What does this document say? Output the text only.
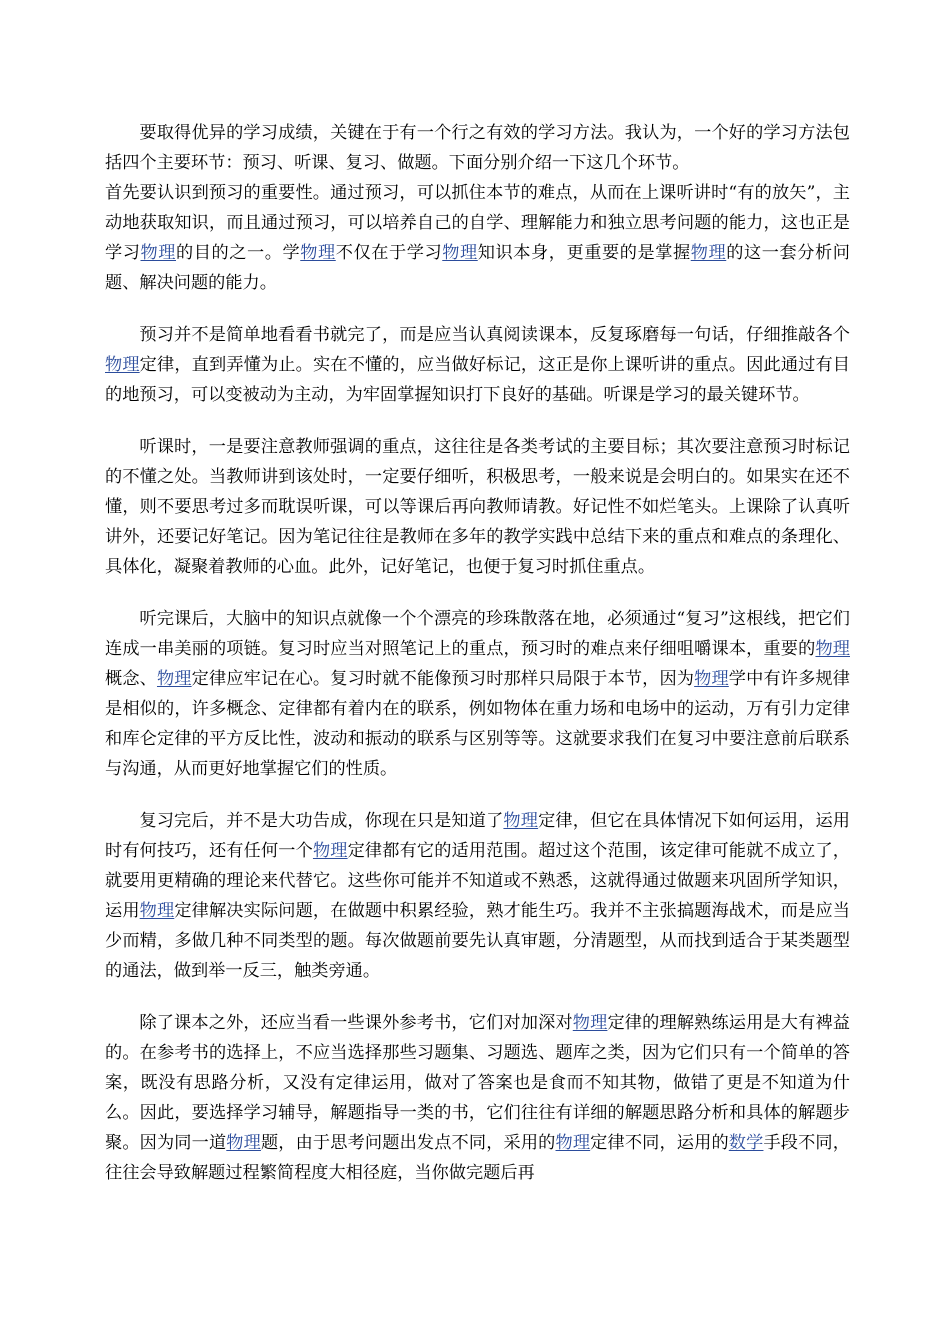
要取得优异的学习成绩，关键在于有一个行之有效的学习方法。我认为，一个好的学习方法包括四个主要环节：预习、听课、复习、做题。下面分别介绍一下这几个环节。

首先要认识到预习的重要性。通过预习，可以抓住本节的难点，从而在上课听讲时“有的放矢”，主动地获取知识，而且通过预习，可以培养自己的自学、理解能力和独立思考问题的能力，这也正是学习物理的目的之一。学物理不仅在于学习物理知识本身，更重要的是掌握物理的这一套分析问题、解决问题的能力。

预习并不是简单地看看书就完了，而是应当认真阅读课本，反复琢磨每一句话，仔细推敲各个物理定律，直到弄懂为止。实在不懂的，应当做好标记，这正是你上课听讲的重点。因此通过有目的地预习，可以变被动为主动，为牢固掌握知识打下良好的基础。听课是学习的最关键环节。

听课时，一是要注意教师强调的重点，这往往是各类考试的主要目标；其次要注意预习时标记的不懂之处。当教师讲到该处时，一定要仔细听，积极思考，一般来说是会明白的。如果实在还不懂，则不要思考过多而耽误听课，可以等课后再向教师请教。好记性不如烂笔头。上课除了认真听讲外，还要记好笔记。因为笔记往往是教师在多年的教学实践中总结下来的重点和难点的条理化、具体化，凝聚着教师的心血。此外，记好笔记，也便于复习时抓住重点。

听完课后，大脑中的知识点就像一个个漂亮的珍珠散落在地，必须通过“复习”这根线，把它们连成一串美丽的项链。复习时应当对照笔记上的重点，预习时的难点来仔细咀嚼课本，重要的物理概念、物理定律应牢记在心。复习时就不能像预习时那样只局限于本节，因为物理学中有许多规律是相似的，许多概念、定律都有着内在的联系，例如物体在重力场和电场中的运动，万有引力定律和库仑定律的平方反比性，波动和振动的联系与区别等等。这就要求我们在复习中要注意前后联系与沟通，从而更好地掌握它们的性质。

复习完后，并不是大功告成，你现在只是知道了物理定律，但它在具体情况下如何运用，运用时有何技巧，还有任何一个物理定律都有它的适用范围。超过这个范围，该定律可能就不成立了，就要用更精确的理论来代替它。这些你可能并不知道或不熟悉，这就得通过做题来巩固所学知识，运用物理定律解决实际问题，在做题中积累经验，熟才能生巧。我并不主张搞题海战术，而是应当少而精，多做几种不同类型的题。每次做题前要先认真审题，分清题型，从而找到适合于某类题型的通法，做到举一反三，触类旁通。

除了课本之外，还应当看一些课外参考书，它们对加深对物理定律的理解熟练运用是大有裨益的。在参考书的选择上，不应当选择那些习题集、习题选、题库之类，因为它们只有一个简单的答案，既没有思路分析，又没有定律运用，做对了答案也是食而不知其物，做错了更是不知道为什么。因此，要选择学习辅导，解题指导一类的书，它们往往有详细的解题思路分析和具体的解题步聚。因为同一道物理题，由于思考问题出发点不同，采用的物理定律不同，运用的数学手段不同，往往会导致解题过程繁简程度大相径庭，当你做完题后再
